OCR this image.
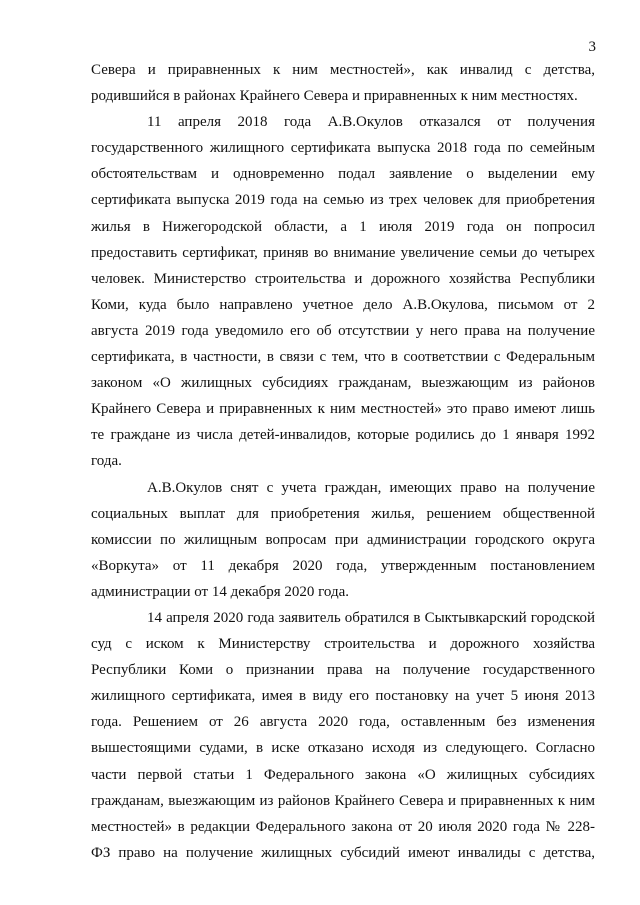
3
Севера и приравненных к ним местностей», как инвалид с детства,
родившийся в районах Крайнего Севера и приравненных к ним местностях.
11 апреля 2018 года А.В.Окулов отказался от получения
государственного жилищного сертификата выпуска 2018 года по семейным
обстоятельствам и одновременно подал заявление о выделении ему
сертификата выпуска 2019 года на семью из трех человек для приобретения
жилья в Нижегородской области, а 1 июля 2019 года он попросил
предоставить сертификат, приняв во внимание увеличение семьи до четырех
человек. Министерство строительства и дорожного хозяйства Республики
Коми, куда было направлено учетное дело А.В.Окулова, письмом от 2
августа 2019 года уведомило его об отсутствии у него права на получение
сертификата, в частности, в связи с тем, что в соответствии с Федеральным
законом «О жилищных субсидиях гражданам, выезжающим из районов
Крайнего Севера и приравненных к ним местностей» это право имеют лишь
те граждане из числа детей-инвалидов, которые родились до 1 января 1992
года.
А.В.Окулов снят с учета граждан, имеющих право на получение
социальных выплат для приобретения жилья, решением общественной
комиссии по жилищным вопросам при администрации городского округа
«Воркута» от 11 декабря 2020 года, утвержденным постановлением
администрации от 14 декабря 2020 года.
14 апреля 2020 года заявитель обратился в Сыктывкарский городской
суд с иском к Министерству строительства и дорожного хозяйства
Республики Коми о признании права на получение государственного
жилищного сертификата, имея в виду его постановку на учет 5 июня 2013
года. Решением от 26 августа 2020 года, оставленным без изменения
вышестоящими судами, в иске отказано исходя из следующего. Согласно
части первой статьи 1 Федерального закона «О жилищных субсидиях
гражданам, выезжающим из районов Крайнего Севера и приравненных к ним
местностей» в редакции Федерального закона от 20 июля 2020 года № 228-
ФЗ право на получение жилищных субсидий имеют инвалиды с детства,
